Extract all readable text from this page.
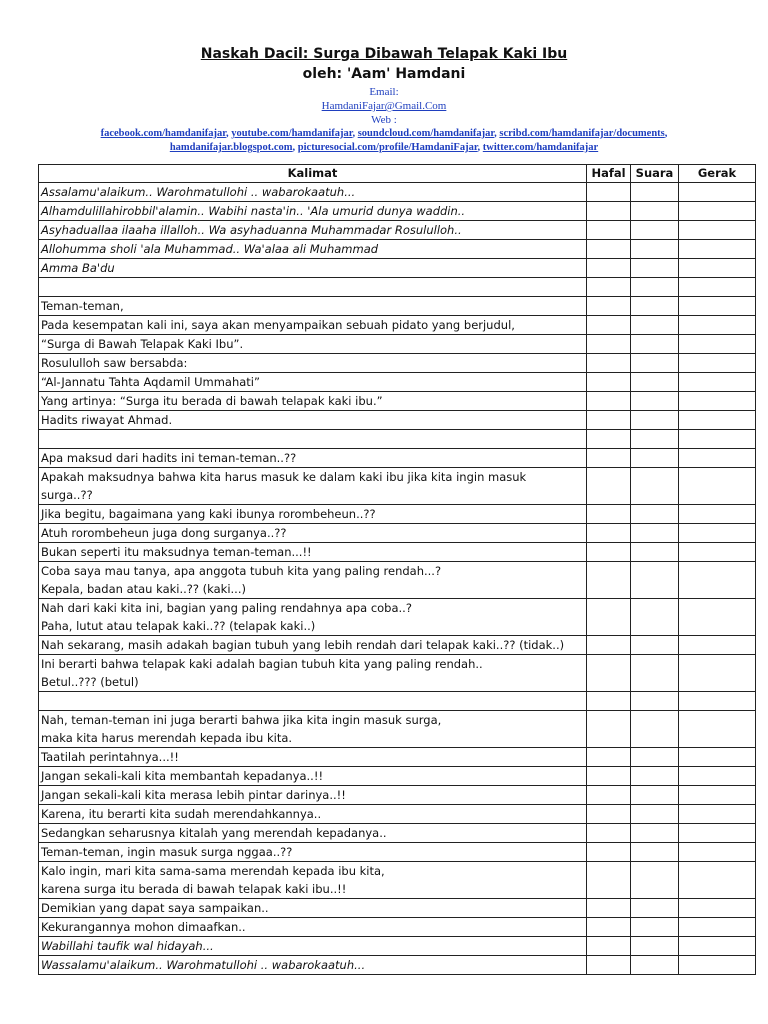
Naskah Dacil: Surga Dibawah Telapak Kaki Ibu
oleh: 'Aam' Hamdani
Email:
HamdaniFajar@Gmail.Com
Web :
facebook.com/hamdanifajar, youtube.com/hamdanifajar, soundcloud.com/hamdanifajar, scribd.com/hamdanifajar/documents,
hamdanifajar.blogspot.com, picturesocial.com/profile/HamdaniFajar, twitter.com/hamdanifajar
Kalimat	Hafal	Suara	Gerak

Assalamu'alaikum.. Warohmatullohi .. wabarokaatuh...			

Alhamdulillahirobbil'alamin.. Wabihi nasta'in.. 'Ala umurid dunya waddin..			

Asyhaduallaa ilaaha illalloh.. Wa asyhaduanna Muhammadar Rosululloh..			

Allohumma sholi 'ala Muhammad.. Wa'alaa ali Muhammad			

Amma Ba'du			

Teman-teman,			

Pada kesempatan kali ini, saya akan menyampaikan sebuah pidato yang berjudul,			

“Surga di Bawah Telapak Kaki Ibu”.			

Rosululloh saw bersabda:			

“Al-Jannatu Tahta Aqdamil Ummahati”			

Yang artinya: “Surga itu berada di bawah telapak kaki ibu.”			

Hadits riwayat Ahmad.			

Apa maksud dari hadits ini teman-teman..??			

Apakah maksudnya bahwa kita harus masuk ke dalam kaki ibu jika kita ingin masuk
surga..??			

Jika begitu, bagaimana yang kaki ibunya rorombeheun..??			

Atuh rorombeheun juga dong surganya..??			

Bukan seperti itu maksudnya teman-teman...!!			

Coba saya mau tanya, apa anggota tubuh kita yang paling rendah...?
Kepala, badan atau kaki..?? (kaki...)			

Nah dari kaki kita ini, bagian yang paling rendahnya apa coba..?
Paha, lutut atau telapak kaki..?? (telapak kaki..)			

Nah sekarang, masih adakah bagian tubuh yang lebih rendah dari telapak kaki..?? (tidak..)			

Ini berarti bahwa telapak kaki adalah bagian tubuh kita yang paling rendah..
Betul..??? (betul)			

Nah, teman-teman ini juga berarti bahwa jika kita ingin masuk surga,
maka kita harus merendah kepada ibu kita.			

Taatilah perintahnya...!!			

Jangan sekali-kali kita membantah kepadanya..!!			

Jangan sekali-kali kita merasa lebih pintar darinya..!!			

Karena, itu berarti kita sudah merendahkannya..			

Sedangkan seharusnya kitalah yang merendah kepadanya..			

Teman-teman, ingin masuk surga nggaa..??			

Kalo ingin, mari kita sama-sama merendah kepada ibu kita,
karena surga itu berada di bawah telapak kaki ibu..!!			

Demikian yang dapat saya sampaikan..			

Kekurangannya mohon dimaafkan..			

Wabillahi taufik wal hidayah...			

Wassalamu'alaikum.. Warohmatullohi .. wabarokaatuh...			
